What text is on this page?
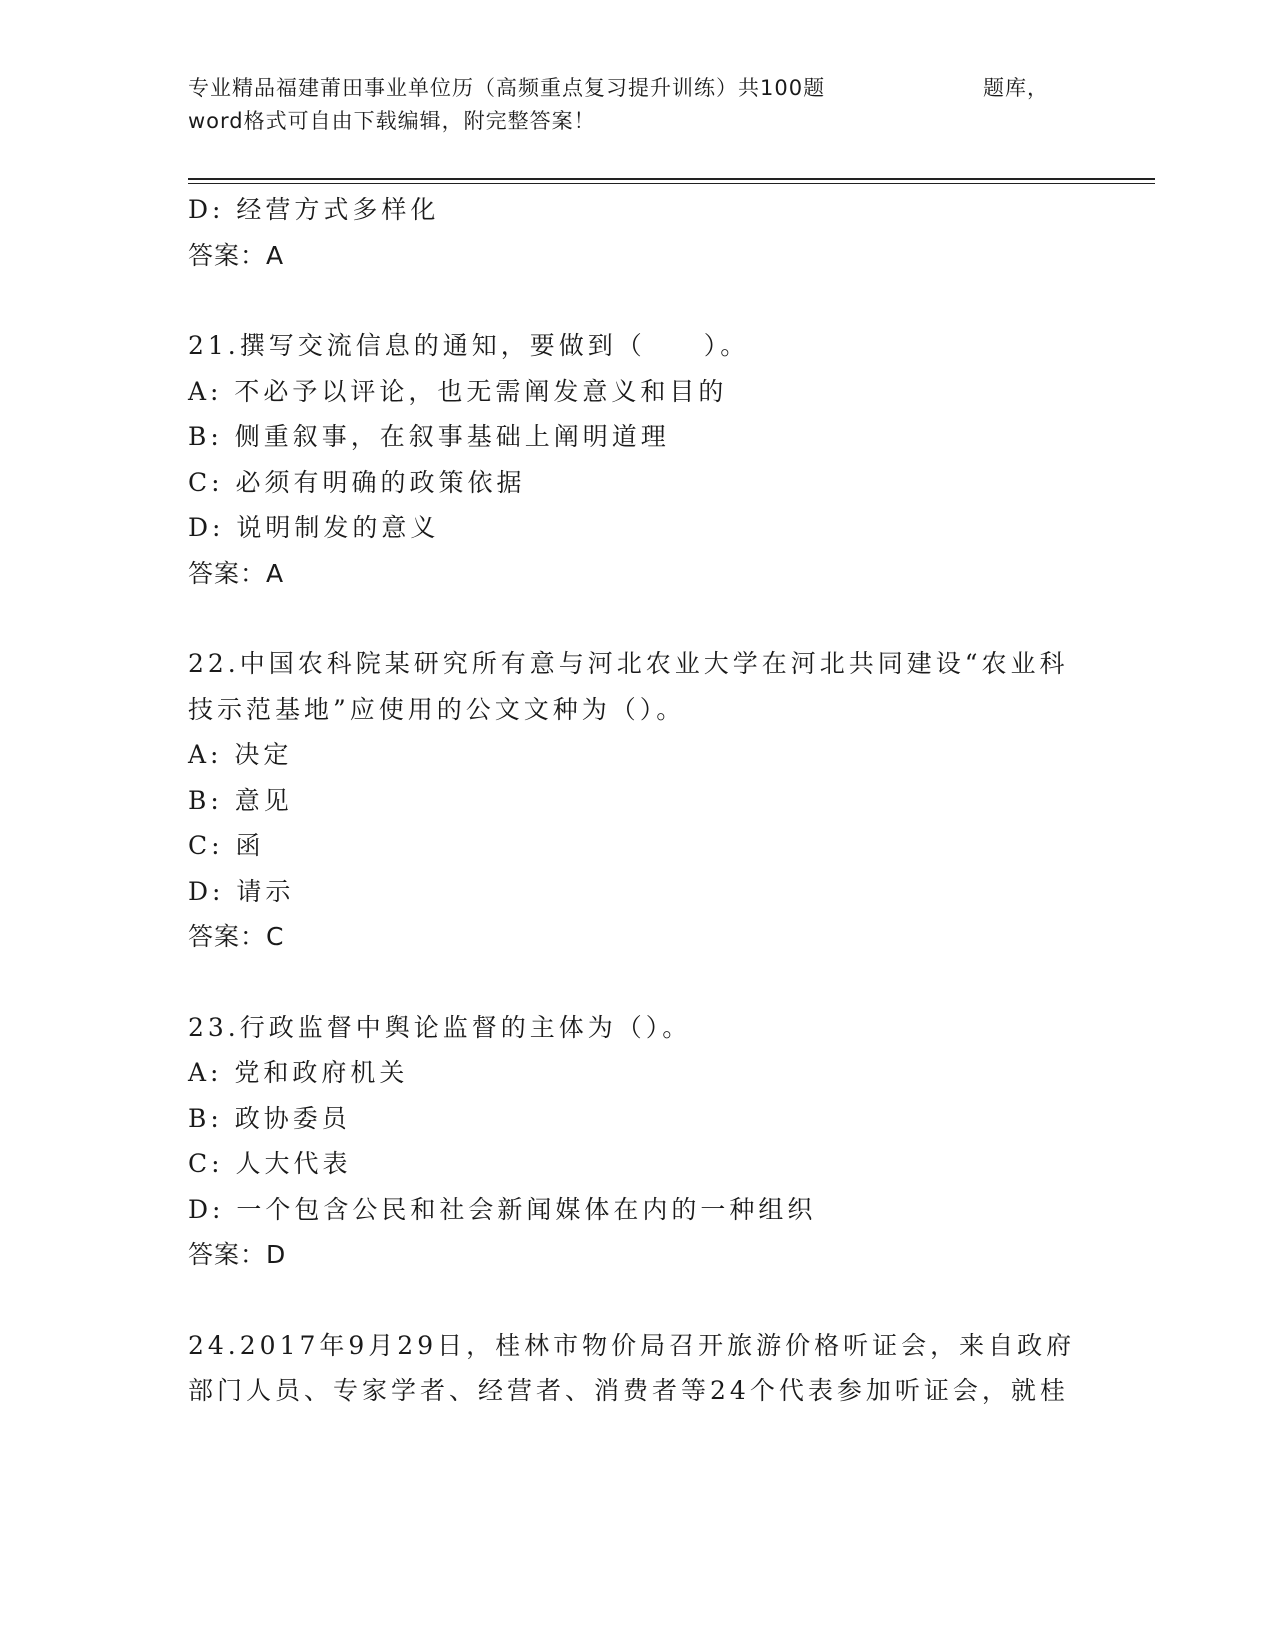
专业精品福建莆田事业单位历（高频重点复习提升训练）共100题	题库，
word格式可自由下载编辑，附完整答案！
D: 经营方式多样化
答案：A
21.撰写交流信息的通知，要做到（　　）。
A: 不必予以评论，也无需阐发意义和目的
B: 侧重叙事，在叙事基础上阐明道理
C: 必须有明确的政策依据
D: 说明制发的意义
答案：A
22.中国农科院某研究所有意与河北农业大学在河北共同建设“农业科
技示范基地”应使用的公文文种为（）。
A: 决定
B: 意见
C: 函
D: 请示
答案：C
23.行政监督中舆论监督的主体为（）。
A: 党和政府机关
B: 政协委员
C: 人大代表
D: 一个包含公民和社会新闻媒体在内的一种组织
答案：D
24.2017年9月29日，桂林市物价局召开旅游价格听证会，来自政府
部门人员、专家学者、经营者、消费者等24个代表参加听证会，就桂
